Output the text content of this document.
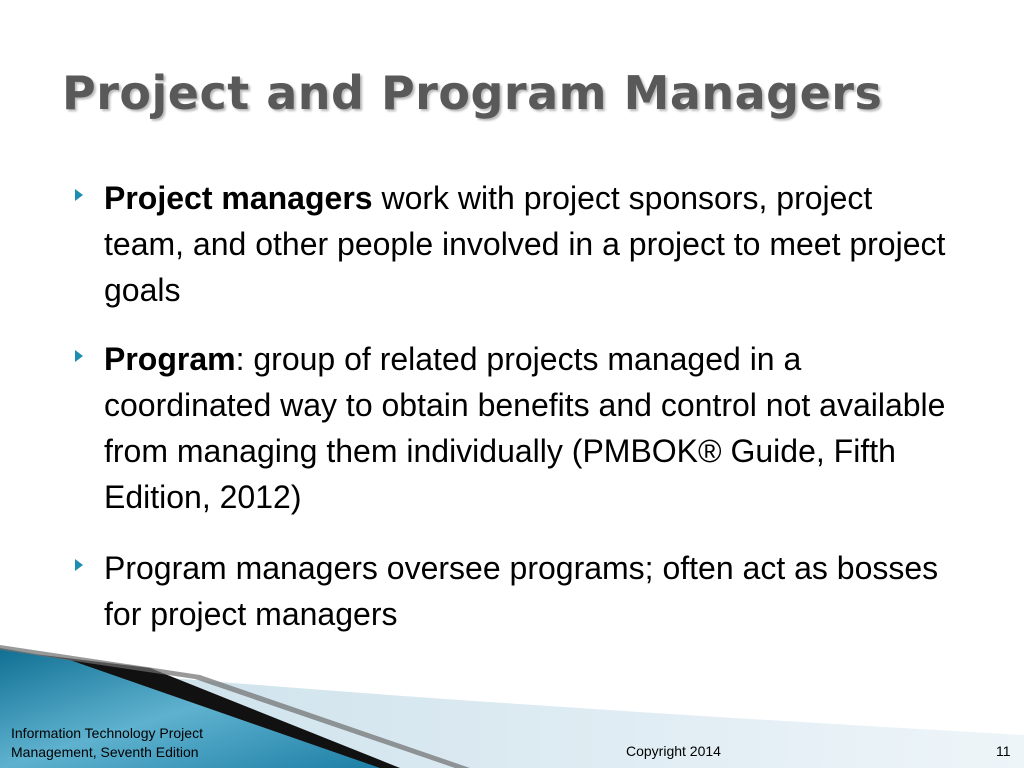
Project and Program Managers
Project managers work with project sponsors, project team, and other people involved in a project to meet project goals
Program: group of related projects managed in a coordinated way to obtain benefits and control not available from managing them individually (PMBOK® Guide, Fifth Edition, 2012)
Program managers oversee programs; often act as bosses for project managers
Information Technology Project
Management, Seventh Edition	Copyright 2014	11
